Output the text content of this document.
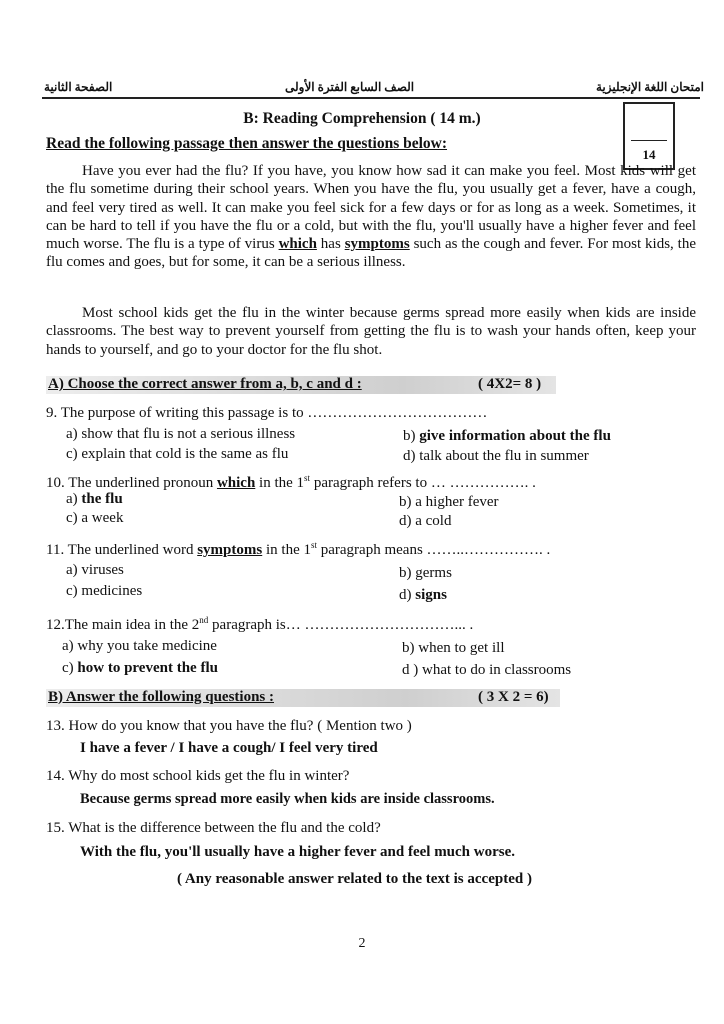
امتحان اللغة الإنجليزية
الصف السابع الفترة الأولى
الصفحة الثانية
14
B: Reading Comprehension ( 14 m.)
Read the following passage then answer the questions below:

Have you ever had the flu? If you have, you know how sad it can make you feel. Most kids will get the flu sometime during their school years. When you have the flu, you usually get a fever, have a cough, and feel very tired as well. It can make you feel sick for a few days or for as long as a week. Sometimes, it can be hard to tell if you have the flu or a cold, but with the flu, you'll usually have a higher fever and feel much worse. The flu is a type of virus which has symptoms such as the cough and fever. For most kids, the flu comes and goes, but for some, it can be a serious illness.

Most school kids get the flu in the winter because germs spread more easily when kids are inside classrooms. The best way to prevent yourself from getting the flu is to wash your hands often, keep your hands to yourself, and go to your doctor for the flu shot.

A) Choose the correct answer from a, b, c and d :	( 4X2= 8 )
9. The purpose of writing this passage is to ………………………………
a) show that flu is not a serious illness	b) give information about the flu
c) explain that cold is the same as flu	d) talk about the flu in summer
10. The underlined pronoun which in the 1st paragraph refers to … ……………. .
a) the flu	b) a higher fever
c) a week	d) a cold
11. The underlined word symptoms in the 1st paragraph means ……..……………. .
a) viruses	b) germs
c) medicines	d) signs
12.The main idea in the 2nd paragraph is… …………………………... .
a) why you take medicine	b) when to get ill
c) how to prevent the flu	d ) what to do in classrooms
B) Answer the following questions :	( 3 X 2 = 6)
13. How do you know that you have the flu? ( Mention two )
I have a fever / I have a cough/ I feel very tired
14. Why do most school kids get the flu in winter?
Because germs spread more easily when kids are inside classrooms.
15. What is the difference between the flu and the cold?
With the flu, you'll usually have a higher fever and feel much worse.
( Any reasonable answer related to the text is accepted )
2
